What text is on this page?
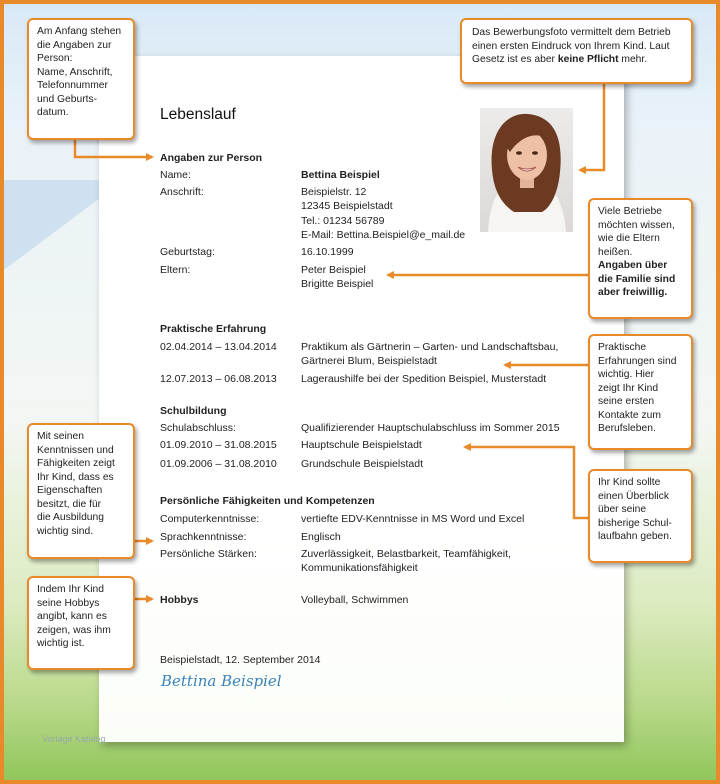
Lebenslauf
Angaben zur Person
Name:	Bettina Beispiel
Anschrift:	Beispielstr. 12
12345 Beispielstadt
Tel.: 01234 56789
E-Mail: Bettina.Beispiel@e_mail.de
Geburtstag:	16.10.1999
Eltern:	Peter Beispiel
Brigitte Beispiel
Praktische Erfahrung
02.04.2014 – 13.04.2014 Praktikum als Gärtnerin – Garten- und Landschaftsbau,
Gärtnerei Blum, Beispielstadt
12.07.2013 – 06.08.2013 Lageraushilfe bei der Spedition Beispiel, Musterstadt
Schulbildung
Schulabschluss:	Qualifizierender Hauptschulabschluss im Sommer 2015
01.09.2010 – 31.08.2015 Hauptschule Beispielstadt
01.09.2006 – 31.08.2010 Grundschule Beispielstadt
Persönliche Fähigkeiten und Kompetenzen
Computerkenntnisse:	vertiefte EDV-Kenntnisse in MS Word und Excel
Sprachkenntnisse:	Englisch
Persönliche Stärken:	Zuverlässigkeit, Belastbarkeit, Teamfähigkeit,
Kommunikationsfähigkeit
Hobbys	Volleyball, Schwimmen
Beispielstadt, 12. September 2014
Bettina Beispiel
Vorlage Katalog
Am Anfang stehen
die Angaben zur
Person:
Name, Anschrift,
Telefonnummer
und Geburts-
datum.
Das Bewerbungsfoto vermittelt dem Betrieb
einen ersten Eindruck von Ihrem Kind. Laut
Gesetz ist es aber keine Pflicht mehr.
Viele Betriebe
möchten wissen,
wie die Eltern
heißen.
Angaben über
die Familie sind
aber freiwillig.
Praktische
Erfahrungen sind
wichtig. Hier
zeigt Ihr Kind
seine ersten
Kontakte zum
Berufsleben.
Ihr Kind sollte
einen Überblick
über seine
bisherige Schul-
laufbahn geben.
Mit seinen
Kenntnissen und
Fähigkeiten zeigt
Ihr Kind, dass es
Eigenschaften
besitzt, die für
die Ausbildung
wichtig sind.
Indem Ihr Kind
seine Hobbys
angibt, kann es
zeigen, was ihm
wichtig ist.
